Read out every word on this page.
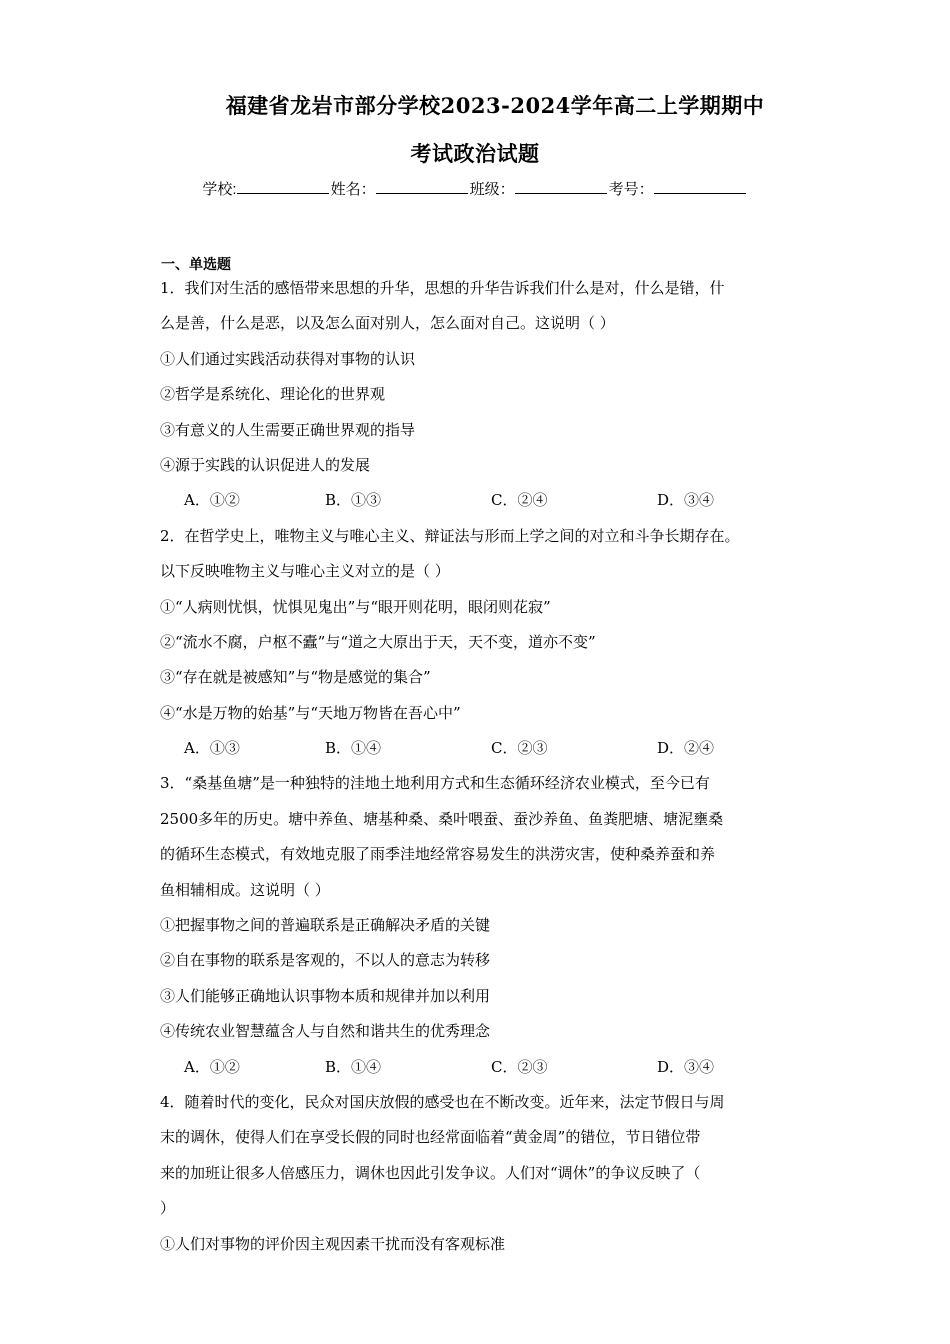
福建省龙岩市部分学校2023-2024学年高二上学期期中
考试政治试题
学校:	姓名：	班级：	考号：
一、单选题
1．我们对生活的感悟带来思想的升华，思想的升华告诉我们什么是对，什么是错，什
么是善，什么是恶，以及怎么面对别人，怎么面对自己。这说明（ ）
①人们通过实践活动获得对事物的认识
②哲学是系统化、理论化的世界观
③有意义的人生需要正确世界观的指导
④源于实践的认识促进人的发展
A．①②	B．①③	C．②④	D．③④
2．在哲学史上，唯物主义与唯心主义、辩证法与形而上学之间的对立和斗争长期存在。
以下反映唯物主义与唯心主义对立的是（ ）
①“人病则忧惧，忧惧见鬼出”与“眼开则花明，眼闭则花寂”
②“流水不腐，户枢不蠹”与“道之大原出于天，天不变，道亦不变”
③“存在就是被感知”与“物是感觉的集合”
④“水是万物的始基”与“天地万物皆在吾心中”
A．①③	B．①④	C．②③	D．②④
3．“桑基鱼塘”是一种独特的洼地土地利用方式和生态循环经济农业模式，至今已有
2500多年的历史。塘中养鱼、塘基种桑、桑叶喂蚕、蚕沙养鱼、鱼粪肥塘、塘泥壅桑
的循环生态模式，有效地克服了雨季洼地经常容易发生的洪涝灾害，使种桑养蚕和养
鱼相辅相成。这说明（ ）
①把握事物之间的普遍联系是正确解决矛盾的关键
②自在事物的联系是客观的，不以人的意志为转移
③人们能够正确地认识事物本质和规律并加以利用
④传统农业智慧蕴含人与自然和谐共生的优秀理念
A．①②	B．①④	C．②③	D．③④
4．随着时代的变化，民众对国庆放假的感受也在不断改变。近年来，法定节假日与周
末的调休，使得人们在享受长假的同时也经常面临着“黄金周”的错位，节日错位带
来的加班让很多人倍感压力，调休也因此引发争议。人们对“调休”的争议反映了（
）
①人们对事物的评价因主观因素干扰而没有客观标准
